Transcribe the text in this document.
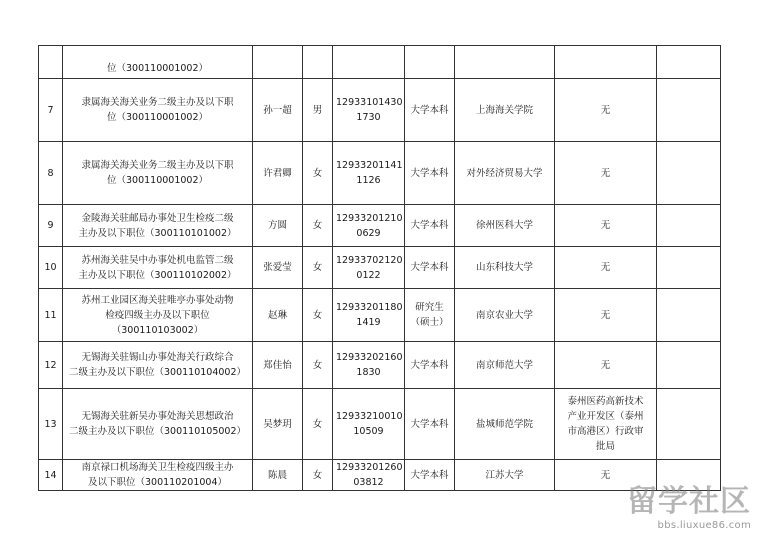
	位（300110001002）							
7	隶属海关海关业务二级主办及以下职
位（300110001002）	孙一超	男	12933101430
1730	大学本科	上海海关学院	无	
8	隶属海关海关业务二级主办及以下职
位（300110001002）	许君卿	女	12933201141
1126	大学本科	对外经济贸易大学	无	
9	金陵海关驻邮局办事处卫生检疫二级
主办及以下职位（300110101002）	方圆	女	12933201210
0629	大学本科	徐州医科大学	无	
10	苏州海关驻吴中办事处机电监管二级
主办及以下职位（300110102002）	张爱莹	女	12933702120
0122	大学本科	山东科技大学	无	
11	苏州工业园区海关驻唯亭办事处动物
检疫四级主办及以下职位
（300110103002）	赵琳	女	12933201180
1419	研究生
（硕士）	南京农业大学	无	
12	无锡海关驻锡山办事处海关行政综合
二级主办及以下职位（300110104002）	郑佳怡	女	12933202160
1830	大学本科	南京师范大学	无	
13	无锡海关驻新吴办事处海关思想政治
二级主办及以下职位（300110105002）	吴梦玥	女	12933210010
10509	大学本科	盐城师范学院	泰州医药高新技术
产业开发区（泰州
市高港区）行政审
批局	
14	南京禄口机场海关卫生检疫四级主办
及以下职位（300110201004）	陈晨	女	12933201260
03812	大学本科	江苏大学	无	
留学社区
bbs.liuxue86.com
